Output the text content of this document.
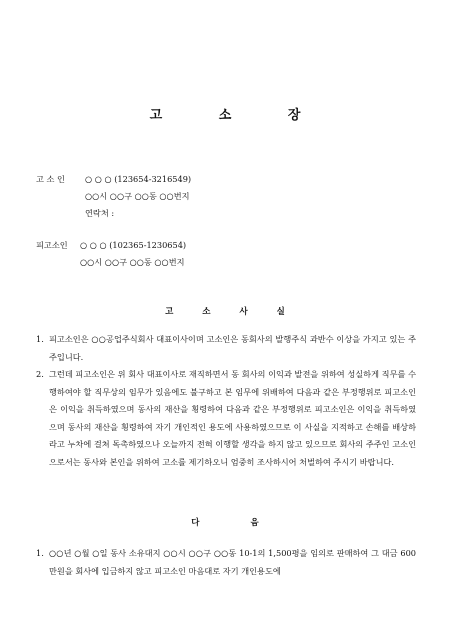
고	소	장
고 소 인 ○ ○ ○ (123654-3216549)
○○시 ○○구 ○○동 ○○번지
연락처 :
피고소인 ○ ○ ○ (102365-1230654)
○○시 ○○구 ○○동 ○○번지
고	소	사	실
1. 피고소인은 ○○공업주식회사 대표이사이며 고소인은 동회사의 발행주식 과반수 이상을 가지고 있는 주주입니다.
2. 그런데 피고소인은 위 회사 대표이사로 재직하면서 동 회사의 이익과 발전을 위하여 성실하게 직무를 수행하여야 할 직무상의 임무가 있음에도 불구하고 본 임무에 위배하여 다음과 같은 부정행위로 피고소인은 이익을 취득하였으며 동사의 재산을 횡령하여 다음과 같은 부정행위로 피고소인은 이익을 취득하였으며 동사의 재산을 횡령하여 자기 개인적인 용도에 사용하였으므로 이 사실을 지적하고 손해를 배상하라고 누차에 걸쳐 독촉하였으나 오늘까지 전혀 이행할 생각을 하지 않고 있으므로 회사의 주주인 고소인으로서는 동사와 본인을 위하여 고소를 제기하오니 엄중히 조사하시어 처벌하여 주시기 바랍니다.
다	음
1. ○○년 ○월 ○일 동사 소유대지 ○○시 ○○구 ○○동 10-1의 1,500평을 임의로 판매하여 그 대금 600만원을 회사에 입금하지 않고 피고소인 마음대로 자기 개인용도에
